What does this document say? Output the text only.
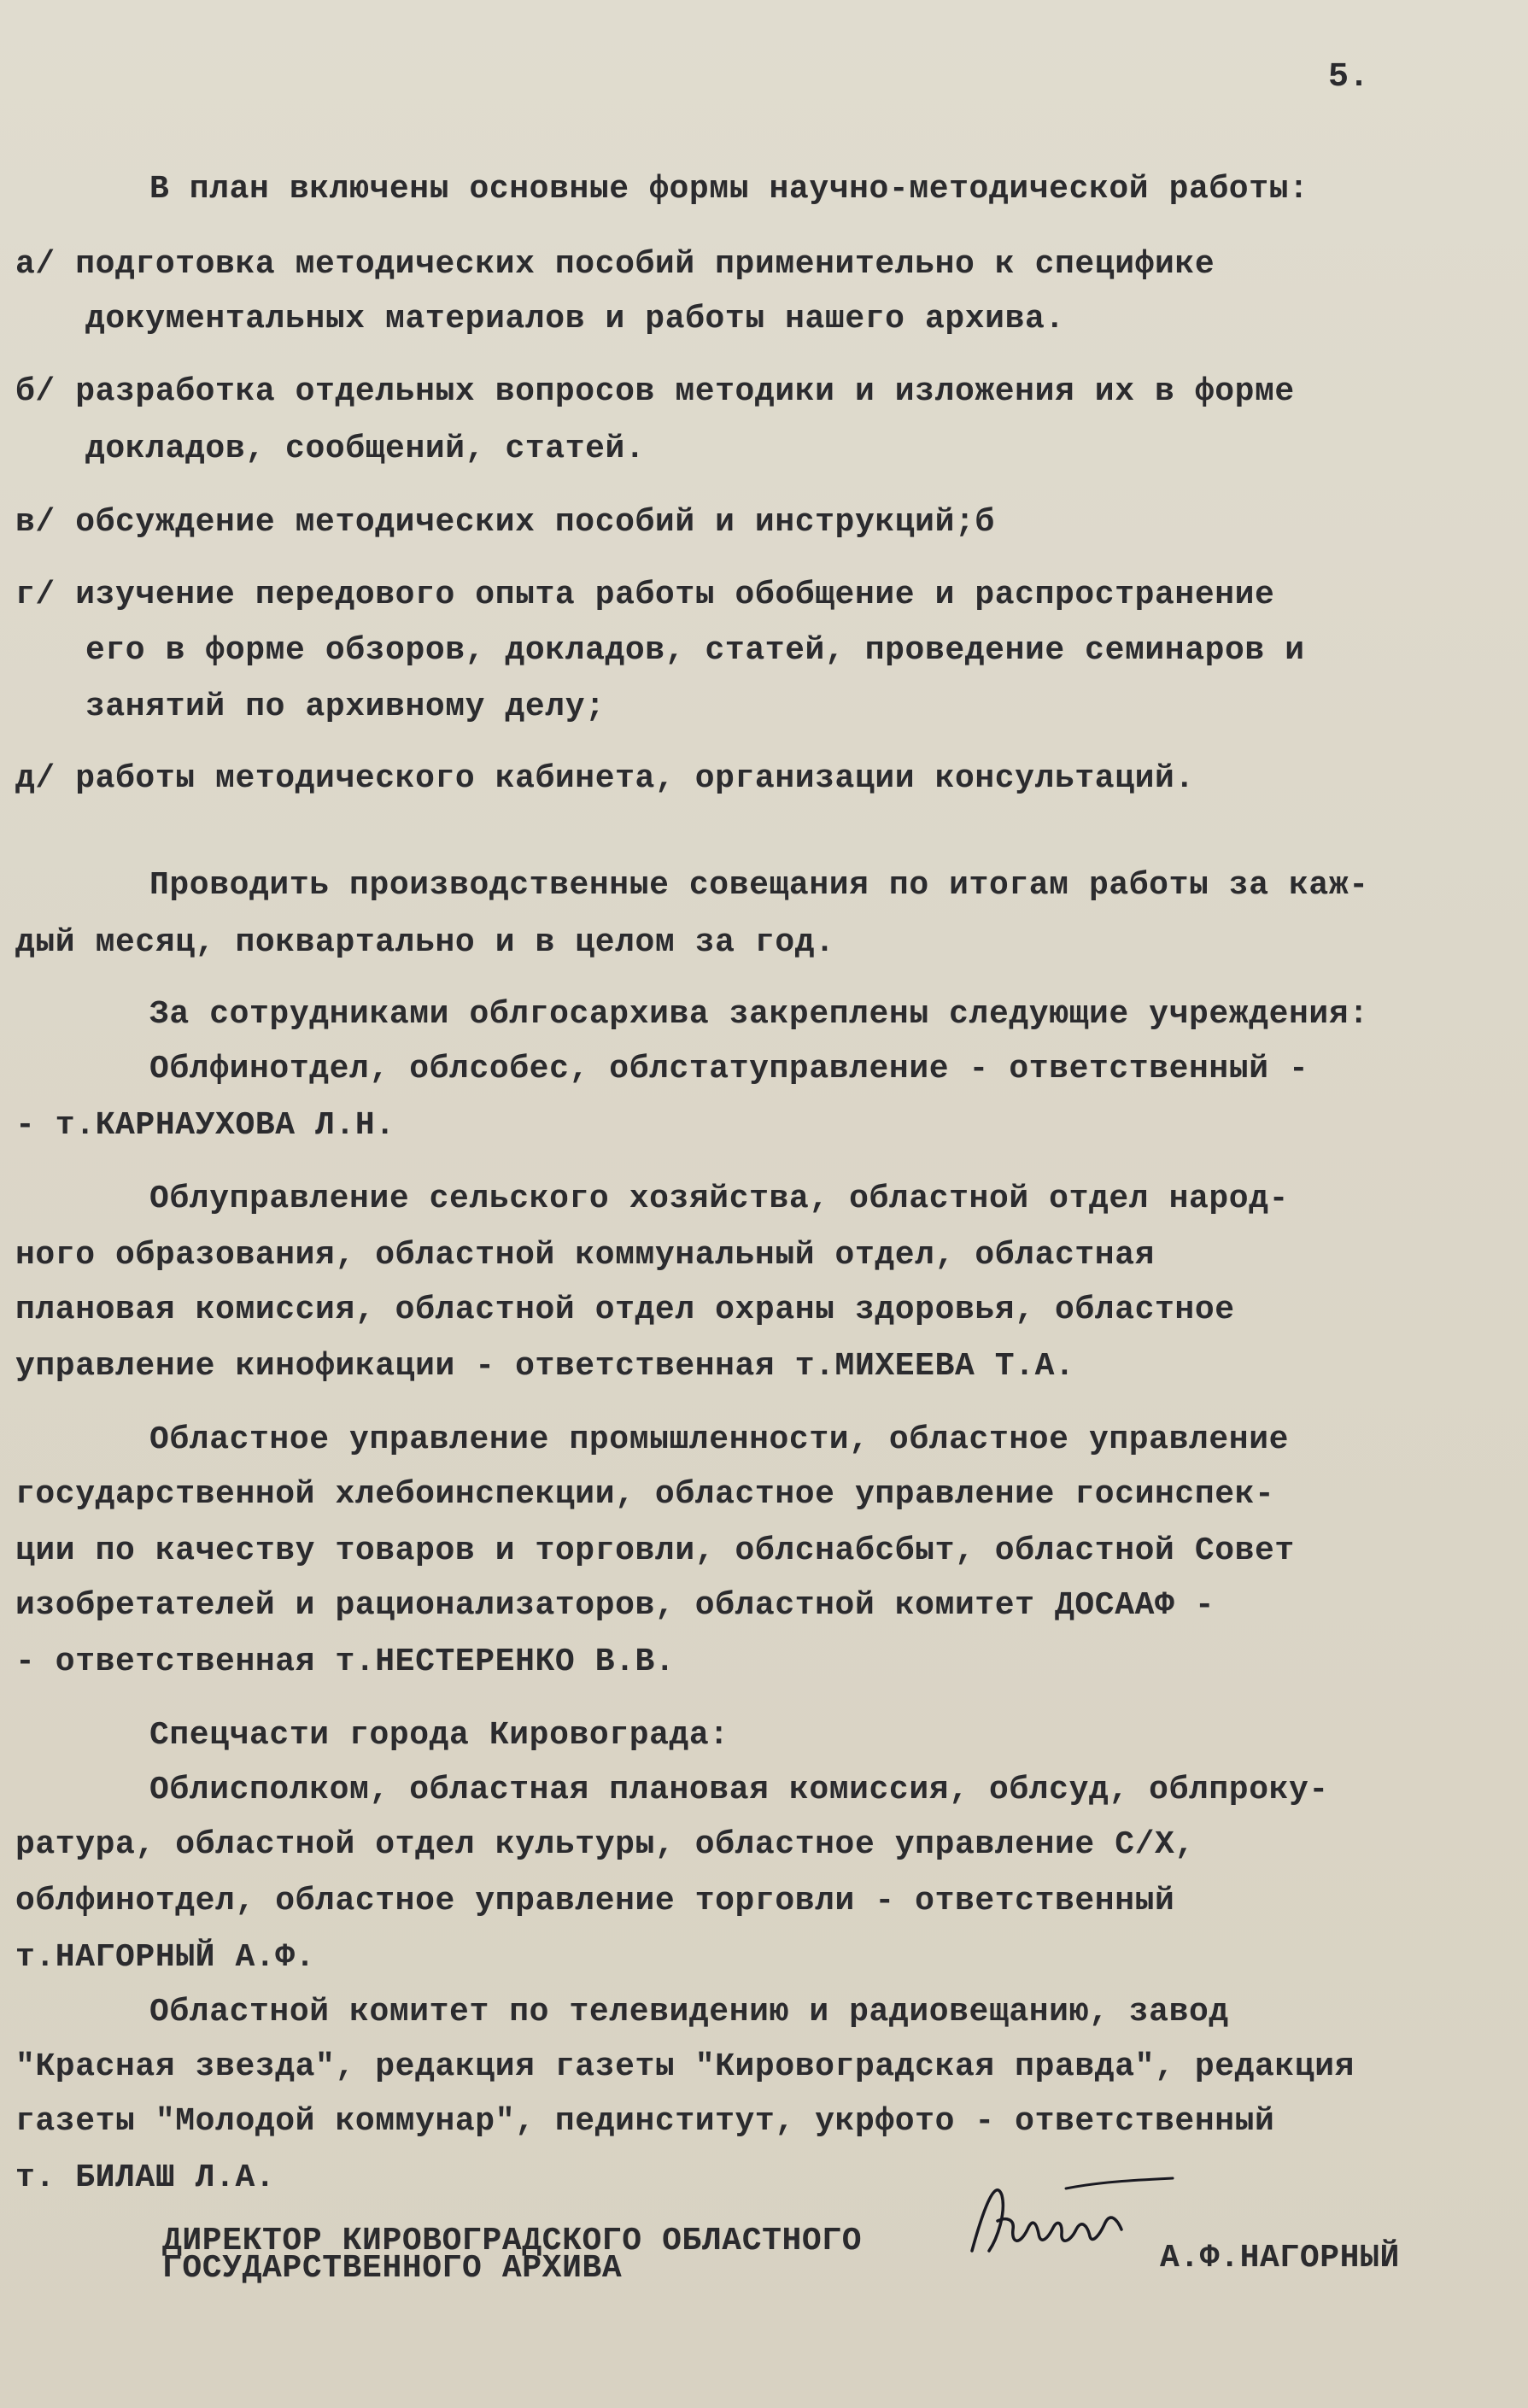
5.
В план включены основные формы научно-методической работы:
а/ подготовка методических пособий применительно к специфике
документальных материалов и работы нашего архива.
б/ разработка отдельных вопросов методики и изложения их в форме
докладов, сообщений, статей.
в/ обсуждение методических пособий и инструкций;б
г/ изучение передового опыта работы обобщение и распространение
его в форме обзоров, докладов, статей, проведение семинаров и
занятий по архивному делу;
д/ работы методического кабинета, организации консультаций.
Проводить производственные совещания по итогам работы за каж-
дый месяц, поквартально и в целом за год.
За сотрудниками облгосархива закреплены следующие учреждения:
Облфинотдел, облсобес, облстатуправление - ответственный -
- т.КАРНАУХОВА Л.Н.
Облуправление сельского хозяйства, областной отдел народ-
ного образования, областной коммунальный отдел, областная
плановая комиссия, областной отдел охраны здоровья, областное
управление кинофикации - ответственная т.МИХЕЕВА Т.А.
Областное управление промышленности, областное управление
государственной хлебоинспекции, областное управление госинспек-
ции по качеству товаров и торговли, облснабсбыт, областной Совет
изобретателей и рационализаторов, областной комитет ДОСААФ -
- ответственная т.НЕСТЕРЕНКО В.В.
Спецчасти города Кировограда:
Облисполком, областная плановая комиссия, облсуд, облпроку-
ратура, областной отдел культуры, областное управление С/Х,
облфинотдел, областное управление торговли - ответственный
т.НАГОРНЫЙ А.Ф.
Областной комитет по телевидению и радиовещанию, завод
"Красная звезда", редакция газеты "Кировоградская правда", редакция
газеты "Молодой коммунар", пединститут, укрфото - ответственный
т. БИЛАШ Л.А.
ДИРЕКТОР КИРОВОГРАДСКОГО ОБЛАСТНОГО
ГОСУДАРСТВЕННОГО АРХИВА	А.Ф.НАГОРНЫЙ
